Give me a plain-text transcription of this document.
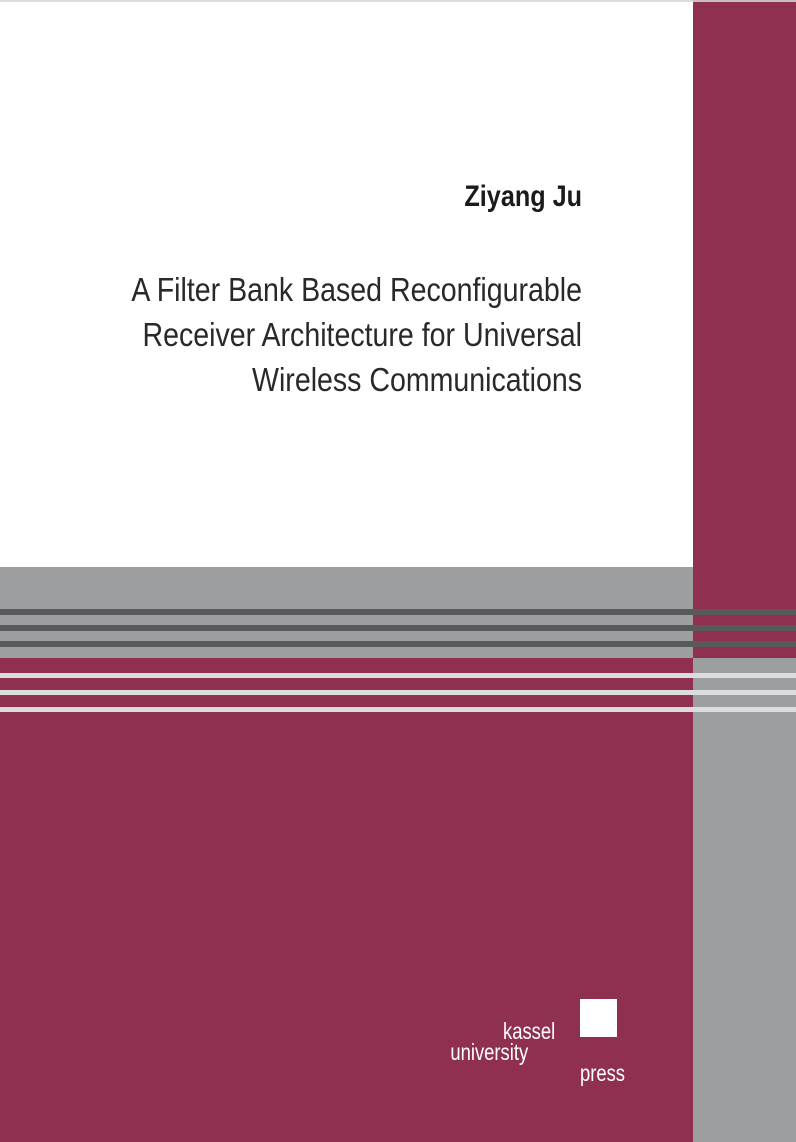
Ziyang Ju
A Filter Bank Based Reconfigurable
Receiver Architecture for Universal
Wireless Communications
kassel
university
press
